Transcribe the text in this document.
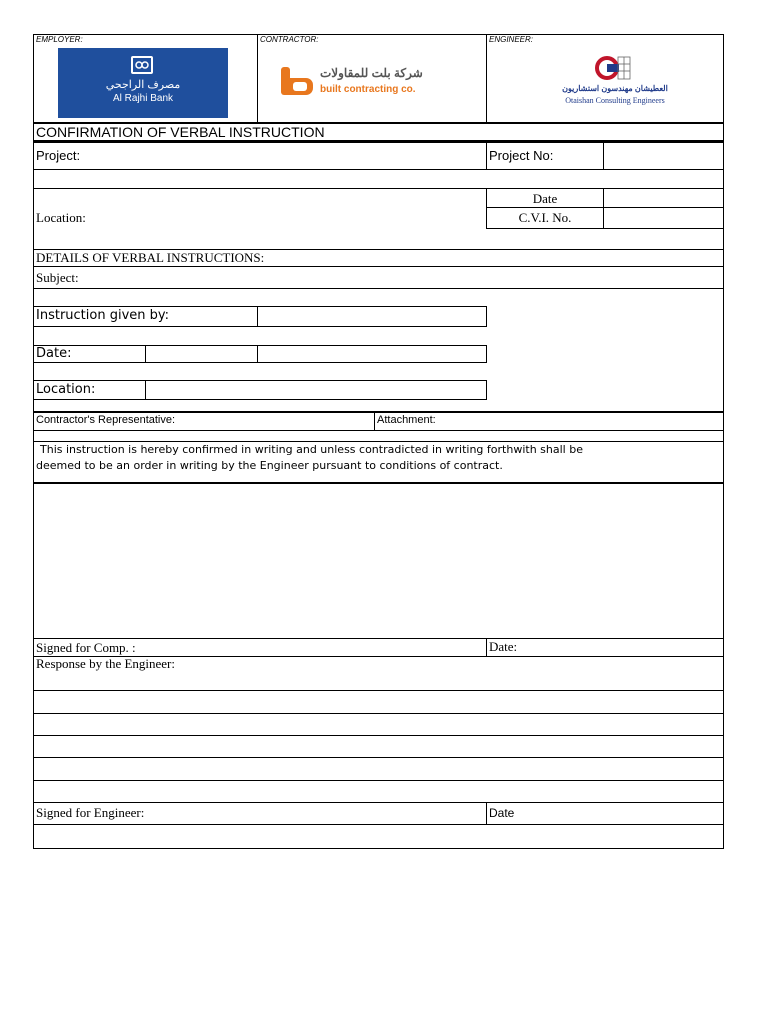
EMPLOYER:	CONTRACTOR:	ENGINEER:
مصرف الراجحي
Al Rajhi Bank
شركة بلت للمقاولات
built contracting co.	العطيشان مهندسون استشاريون
Otaishan Consulting Engineers
CONFIRMATION OF VERBAL INSTRUCTION
Project:	Project No:
Date
C.V.I. No.
Location:
DETAILS OF VERBAL INSTRUCTIONS:
Subject:
Instruction given by:
Date:
Location:
Contractor's Representative:	Attachment:
This instruction is hereby confirmed in writing and unless contradicted in writing forthwith shall be
deemed to be an order in writing by the Engineer pursuant to conditions of contract.
Signed for Comp. :	Date:
Response by the Engineer:
Signed for Engineer:	Date
